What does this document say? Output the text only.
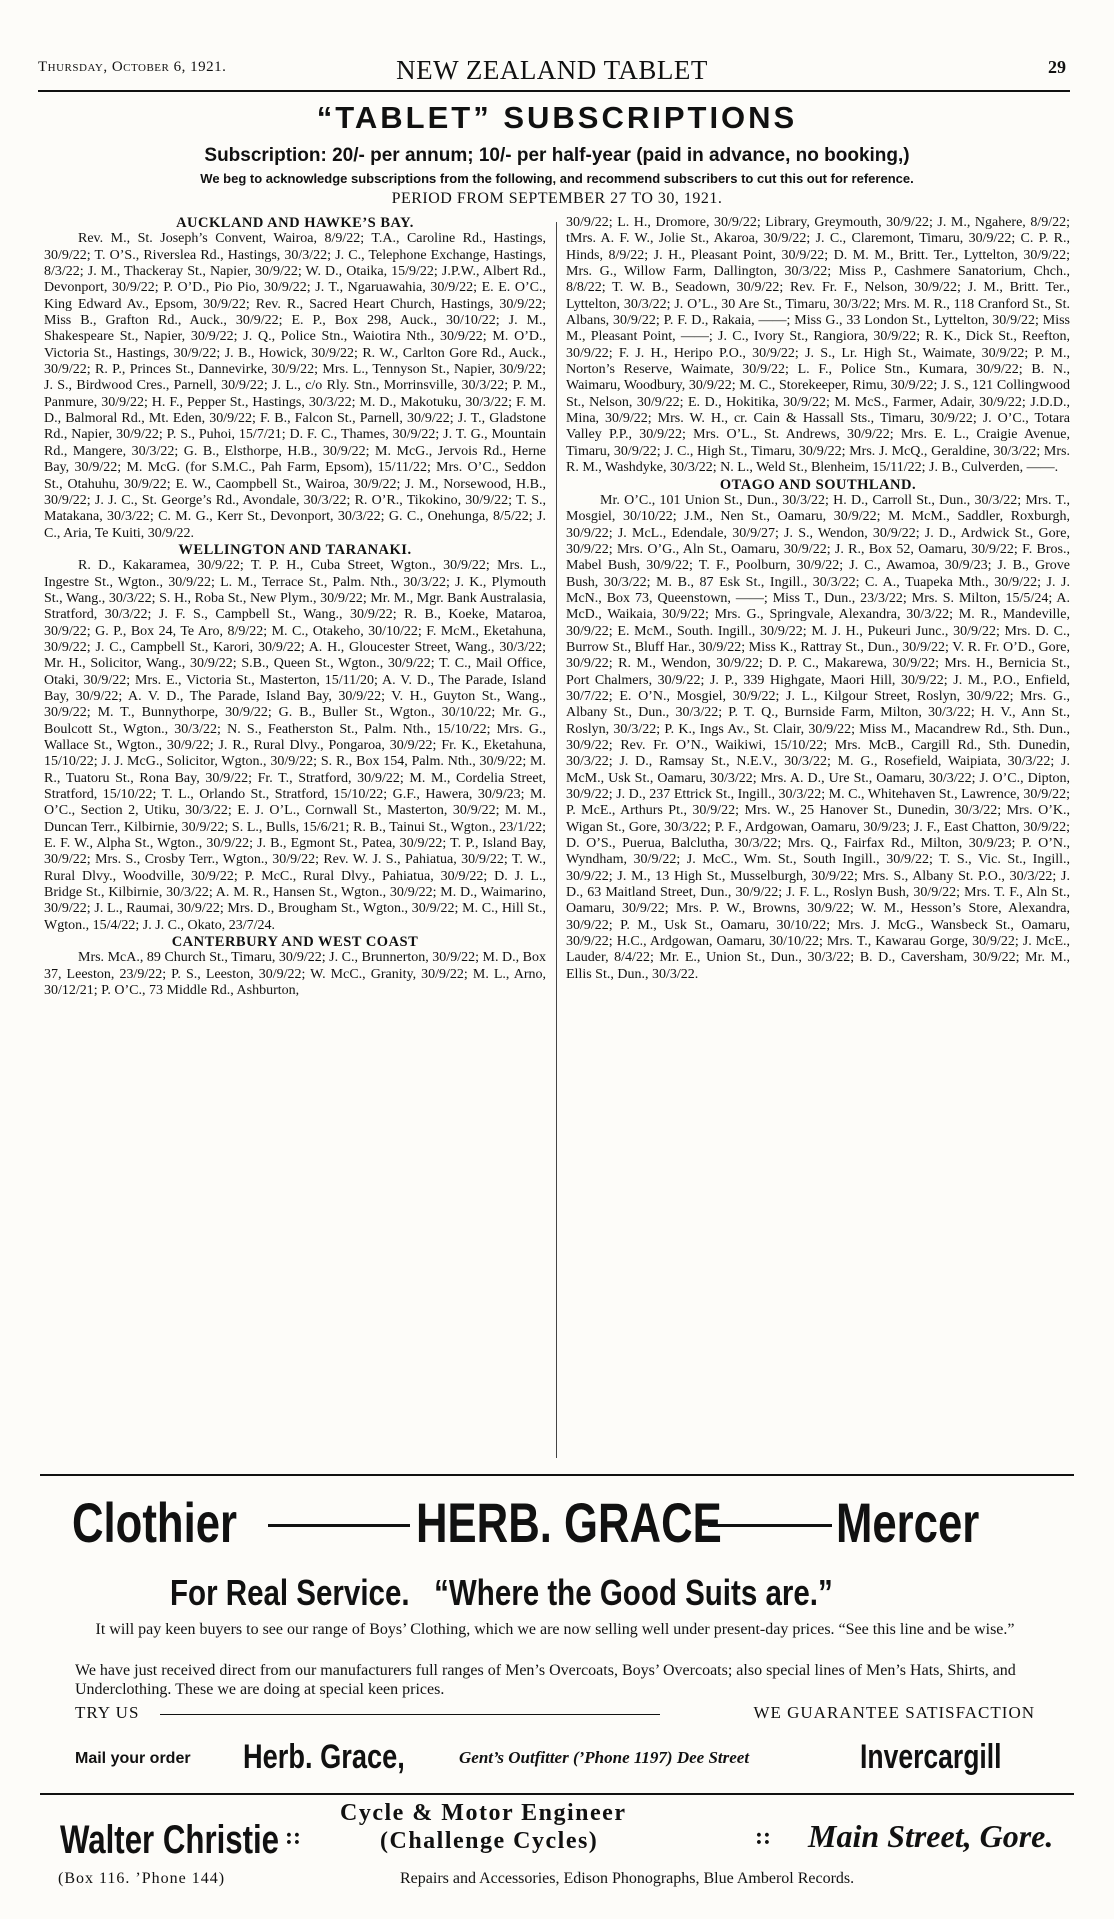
Thursday, October 6, 1921.	NEW ZEALAND TABLET	29
“TABLET” SUBSCRIPTIONS
Subscription: 20/- per annum; 10/- per half-year (paid in advance, no booking,)
We beg to acknowledge subscriptions from the following, and recommend subscribers to cut this out for reference.
PERIOD FROM SEPTEMBER 27 TO 30, 1921.
AUCKLAND AND HAWKE’S BAY.

Rev. M., St. Joseph’s Convent, Wairoa, 8/9/22; T.A., Caroline Rd., Hastings, 30/9/22; T. O’S., Riverslea Rd., Hastings, 30/3/22; J. C., Telephone Exchange, Hastings, 8/3/22; J. M., Thackeray St., Napier, 30/9/22; W. D., Otaika, 15/9/22; J.P.W., Albert Rd., Devonport, 30/9/22; P. O’D., Pio Pio, 30/9/22; J. T., Ngaruawahia, 30/9/22; E. E. O’C., King Edward Av., Epsom, 30/9/22; Rev. R., Sacred Heart Church, Hastings, 30/9/22; Miss B., Grafton Rd., Auck., 30/9/22; E. P., Box 298, Auck., 30/10/22; J. M., Shakespeare St., Napier, 30/9/22; J. Q., Police Stn., Waiotira Nth., 30/9/22; M. O’D., Victoria St., Hastings, 30/9/22; J. B., Howick, 30/9/22; R. W., Carlton Gore Rd., Auck., 30/9/22; R. P., Princes St., Dannevirke, 30/9/22; Mrs. L., Tennyson St., Napier, 30/9/22; J. S., Birdwood Cres., Parnell, 30/9/22; J. L., c/o Rly. Stn., Morrinsville, 30/3/22; P. M., Panmure, 30/9/22; H. F., Pepper St., Hastings, 30/3/22; M. D., Makotuku, 30/3/22; F. M. D., Balmoral Rd., Mt. Eden, 30/9/22; F. B., Falcon St., Parnell, 30/9/22; J. T., Gladstone Rd., Napier, 30/9/22; P. S., Puhoi, 15/7/21; D. F. C., Thames, 30/9/22; J. T. G., Mountain Rd., Mangere, 30/3/22; G. B., Elsthorpe, H.B., 30/9/22; M. McG., Jervois Rd., Herne Bay, 30/9/22; M. McG. (for S.M.C., Pah Farm, Epsom), 15/11/22; Mrs. O’C., Seddon St., Otahuhu, 30/9/22; E. W., Caompbell St., Wairoa, 30/9/22; J. M., Norsewood, H.B., 30/9/22; J. J. C., St. George’s Rd., Avondale, 30/3/22; R. O’R., Tikokino, 30/9/22; T. S., Matakana, 30/3/22; C. M. G., Kerr St., Devonport, 30/3/22; G. C., Onehunga, 8/5/22; J. C., Aria, Te Kuiti, 30/9/22.

WELLINGTON AND TARANAKI.

R. D., Kakaramea, 30/9/22; T. P. H., Cuba Street, Wgton., 30/9/22; Mrs. L., Ingestre St., Wgton., 30/9/22; L. M., Terrace St., Palm. Nth., 30/3/22; J. K., Plymouth St., Wang., 30/3/22; S. H., Roba St., New Plym., 30/9/22; Mr. M., Mgr. Bank Australasia, Stratford, 30/3/22; J. F. S., Campbell St., Wang., 30/9/22; R. B., Koeke, Mataroa, 30/9/22; G. P., Box 24, Te Aro, 8/9/22; M. C., Otakeho, 30/10/22; F. McM., Eketahuna, 30/9/22; J. C., Campbell St., Karori, 30/9/22; A. H., Gloucester Street, Wang., 30/3/22; Mr. H., Solicitor, Wang., 30/9/22; S.B., Queen St., Wgton., 30/9/22; T. C., Mail Office, Otaki, 30/9/22; Mrs. E., Victoria St., Masterton, 15/11/20; A. V. D., The Parade, Island Bay, 30/9/22; A. V. D., The Parade, Island Bay, 30/9/22; V. H., Guyton St., Wang., 30/9/22; M. T., Bunnythorpe, 30/9/22; G. B., Buller St., Wgton., 30/10/22; Mr. G., Boulcott St., Wgton., 30/3/22; N. S., Featherston St., Palm. Nth., 15/10/22; Mrs. G., Wallace St., Wgton., 30/9/22; J. R., Rural Dlvy., Pongaroa, 30/9/22; Fr. K., Eketahuna, 15/10/22; J. J. McG., Solicitor, Wgton., 30/9/22; S. R., Box 154, Palm. Nth., 30/9/22; M. R., Tuatoru St., Rona Bay, 30/9/22; Fr. T., Stratford, 30/9/22; M. M., Cordelia Street, Stratford, 15/10/22; T. L., Orlando St., Stratford, 15/10/22; G.F., Hawera, 30/9/23; M. O’C., Section 2, Utiku, 30/3/22; E. J. O’L., Cornwall St., Masterton, 30/9/22; M. M., Duncan Terr., Kilbirnie, 30/9/22; S. L., Bulls, 15/6/21; R. B., Tainui St., Wgton., 23/1/22; E. F. W., Alpha St., Wgton., 30/9/22; J. B., Egmont St., Patea, 30/9/22; T. P., Island Bay, 30/9/22; Mrs. S., Crosby Terr., Wgton., 30/9/22; Rev. W. J. S., Pahiatua, 30/9/22; T. W., Rural Dlvy., Woodville, 30/9/22; P. McC., Rural Dlvy., Pahiatua, 30/9/22; D. J. L., Bridge St., Kilbirnie, 30/3/22; A. M. R., Hansen St., Wgton., 30/9/22; M. D., Waimarino, 30/9/22; J. L., Raumai, 30/9/22; Mrs. D., Brougham St., Wgton., 30/9/22; M. C., Hill St., Wgton., 15/4/22; J. J. C., Okato, 23/7/24.

CANTERBURY AND WEST COAST

Mrs. McA., 89 Church St., Timaru, 30/9/22; J. C., Brunnerton, 30/9/22; M. D., Box 37, Leeston, 23/9/22; P. S., Leeston, 30/9/22; W. McC., Granity, 30/9/22; M. L., Arno, 30/12/21; P. O’C., 73 Middle Rd., Ashburton,

30/9/22; L. H., Dromore, 30/9/22; Library, Greymouth, 30/9/22; J. M., Ngahere, 8/9/22; tMrs. A. F. W., Jolie St., Akaroa, 30/9/22; J. C., Claremont, Timaru, 30/9/22; C. P. R., Hinds, 8/9/22; J. H., Pleasant Point, 30/9/22; D. M. M., Britt. Ter., Lyttelton, 30/9/22; Mrs. G., Willow Farm, Dallington, 30/3/22; Miss P., Cashmere Sanatorium, Chch., 8/8/22; T. W. B., Seadown, 30/9/22; Rev. Fr. F., Nelson, 30/9/22; J. M., Britt. Ter., Lyttelton, 30/3/22; J. O’L., 30 Are St., Timaru, 30/3/22; Mrs. M. R., 118 Cranford St., St. Albans, 30/9/22; P. F. D., Rakaia, ——; Miss G., 33 London St., Lyttelton, 30/9/22; Miss M., Pleasant Point, ——; J. C., Ivory St., Rangiora, 30/9/22; R. K., Dick St., Reefton, 30/9/22; F. J. H., Heripo P.O., 30/9/22; J. S., Lr. High St., Waimate, 30/9/22; P. M., Norton’s Reserve, Waimate, 30/9/22; L. F., Police Stn., Kumara, 30/9/22; B. N., Waimaru, Woodbury, 30/9/22; M. C., Storekeeper, Rimu, 30/9/22; J. S., 121 Collingwood St., Nelson, 30/9/22; E. D., Hokitika, 30/9/22; M. McS., Farmer, Adair, 30/9/22; J.D.D., Mina, 30/9/22; Mrs. W. H., cr. Cain & Hassall Sts., Timaru, 30/9/22; J. O’C., Totara Valley P.P., 30/9/22; Mrs. O’L., St. Andrews, 30/9/22; Mrs. E. L., Craigie Avenue, Timaru, 30/9/22; J. C., High St., Timaru, 30/9/22; Mrs. J. McQ., Geraldine, 30/3/22; Mrs. R. M., Washdyke, 30/3/22; N. L., Weld St., Blenheim, 15/11/22; J. B., Culverden, ——.

OTAGO AND SOUTHLAND.

Mr. O’C., 101 Union St., Dun., 30/3/22; H. D., Carroll St., Dun., 30/3/22; Mrs. T., Mosgiel, 30/10/22; J.M., Nen St., Oamaru, 30/9/22; M. McM., Saddler, Roxburgh, 30/9/22; J. McL., Edendale, 30/9/27; J. S., Wendon, 30/9/22; J. D., Ardwick St., Gore, 30/9/22; Mrs. O’G., Aln St., Oamaru, 30/9/22; J. R., Box 52, Oamaru, 30/9/22; F. Bros., Mabel Bush, 30/9/22; T. F., Poolburn, 30/9/22; J. C., Awamoa, 30/9/23; J. B., Grove Bush, 30/3/22; M. B., 87 Esk St., Ingill., 30/3/22; C. A., Tuapeka Mth., 30/9/22; J. J. McN., Box 73, Queenstown, ——; Miss T., Dun., 23/3/22; Mrs. S. Milton, 15/5/24; A. McD., Waikaia, 30/9/22; Mrs. G., Springvale, Alexandra, 30/3/22; M. R., Mandeville, 30/9/22; E. McM., South. Ingill., 30/9/22; M. J. H., Pukeuri Junc., 30/9/22; Mrs. D. C., Burrow St., Bluff Har., 30/9/22; Miss K., Rattray St., Dun., 30/9/22; V. R. Fr. O’D., Gore, 30/9/22; R. M., Wendon, 30/9/22; D. P. C., Makarewa, 30/9/22; Mrs. H., Bernicia St., Port Chalmers, 30/9/22; J. P., 339 Highgate, Maori Hill, 30/9/22; J. M., P.O., Enfield, 30/7/22; E. O’N., Mosgiel, 30/9/22; J. L., Kilgour Street, Roslyn, 30/9/22; Mrs. G., Albany St., Dun., 30/3/22; P. T. Q., Burnside Farm, Milton, 30/3/22; H. V., Ann St., Roslyn, 30/3/22; P. K., Ings Av., St. Clair, 30/9/22; Miss M., Macandrew Rd., Sth. Dun., 30/9/22; Rev. Fr. O’N., Waikiwi, 15/10/22; Mrs. McB., Cargill Rd., Sth. Dunedin, 30/3/22; J. D., Ramsay St., N.E.V., 30/3/22; M. G., Rosefield, Waipiata, 30/3/22; J. McM., Usk St., Oamaru, 30/3/22; Mrs. A. D., Ure St., Oamaru, 30/3/22; J. O’C., Dipton, 30/9/22; J. D., 237 Ettrick St., Ingill., 30/3/22; M. C., Whitehaven St., Lawrence, 30/9/22; P. McE., Arthurs Pt., 30/9/22; Mrs. W., 25 Hanover St., Dunedin, 30/3/22; Mrs. O’K., Wigan St., Gore, 30/3/22; P. F., Ardgowan, Oamaru, 30/9/23; J. F., East Chatton, 30/9/22; D. O’S., Puerua, Balclutha, 30/3/22; Mrs. Q., Fairfax Rd., Milton, 30/9/23; P. O’N., Wyndham, 30/9/22; J. McC., Wm. St., South Ingill., 30/9/22; T. S., Vic. St., Ingill., 30/9/22; J. M., 13 High St., Musselburgh, 30/9/22; Mrs. S., Albany St. P.O., 30/3/22; J. D., 63 Maitland Street, Dun., 30/9/22; J. F. L., Roslyn Bush, 30/9/22; Mrs. T. F., Aln St., Oamaru, 30/9/22; Mrs. P. W., Browns, 30/9/22; W. M., Hesson’s Store, Alexandra, 30/9/22; P. M., Usk St., Oamaru, 30/10/22; Mrs. J. McG., Wansbeck St., Oamaru, 30/9/22; H.C., Ardgowan, Oamaru, 30/10/22; Mrs. T., Kawarau Gorge, 30/9/22; J. McE., Lauder, 8/4/22; Mr. E., Union St., Dun., 30/3/22; B. D., Caversham, 30/9/22; Mr. M., Ellis St., Dun., 30/3/22.

Clothier	HERB. GRACE Mercer
For Real Service.   “Where the Good Suits are.”
It will pay keen buyers to see our range of Boys’ Clothing, which we are now selling well under present-day prices. “See this line and be wise.”
We have just received direct from our manufacturers full ranges of Men’s Overcoats, Boys’ Overcoats; also special lines of Men’s Hats, Shirts, and Underclothing. These we are doing at special keen prices.
TRY US	WE GUARANTEE SATISFACTION
Mail your order Herb. Grace,	Gent’s Outfitter (’Phone 1197) Dee Street	Invercargill
Walter Christie ::
Cycle & Motor Engineer
(Challenge Cycles)	:: Main Street, Gore.
(Box 116. ’Phone 144)	Repairs and Accessories, Edison Phonographs, Blue Amberol Records.
